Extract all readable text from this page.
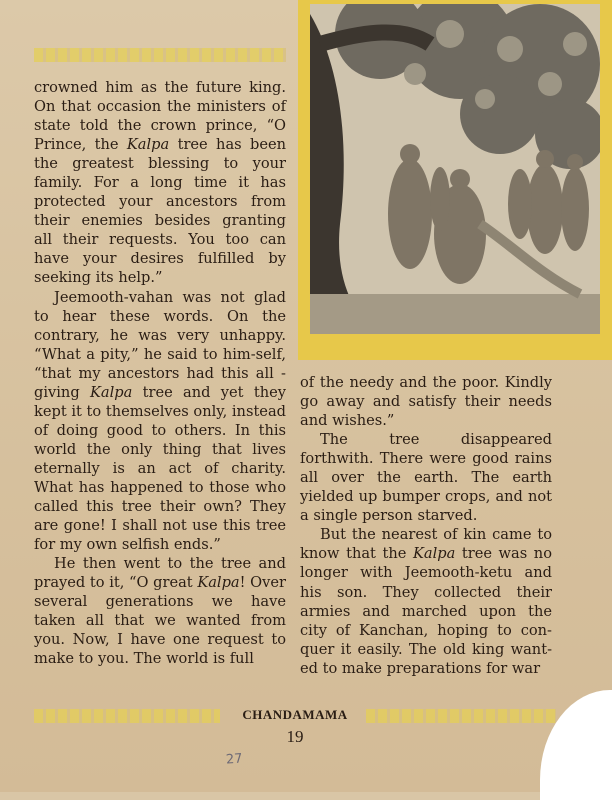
crowned him as the future king. On that occasion the ministers of state told the crown prince, “O Prince, the Kalpa tree has been the greatest blessing to your family. For a long time it has protected your ancestors from their enemies besides granting all their requests. You too can have your desires fulfilled by seeking its help.”

Jeemooth-vahan was not glad to hear these words. On the contrary, he was very unhappy. “What a pity,” he said to him-self, “that my ancestors had this all - giving Kalpa tree and yet they kept it to themselves only, instead of doing good to others. In this world the only thing that lives eternally is an act of charity. What has happened to those who called this tree their own? They are gone! I shall not use this tree for my own selfish ends.”

He then went to the tree and prayed to it, “O great Kalpa! Over several generations we have taken all that we wanted from you. Now, I have one request to make to you. The world is full

of the needy and the poor. Kindly go away and satisfy their needs and wishes.”

The tree disappeared forthwith. There were good rains all over the earth. The earth yielded up bumper crops, and not a single person starved.

But the nearest of kin came to know that the Kalpa tree was no longer with Jeemooth-ketu and his son. They collected their armies and marched upon the city of Kanchan, hoping to con-quer it easily. The old king want-ed to make preparations for war

CHANDAMAMA
19
27
